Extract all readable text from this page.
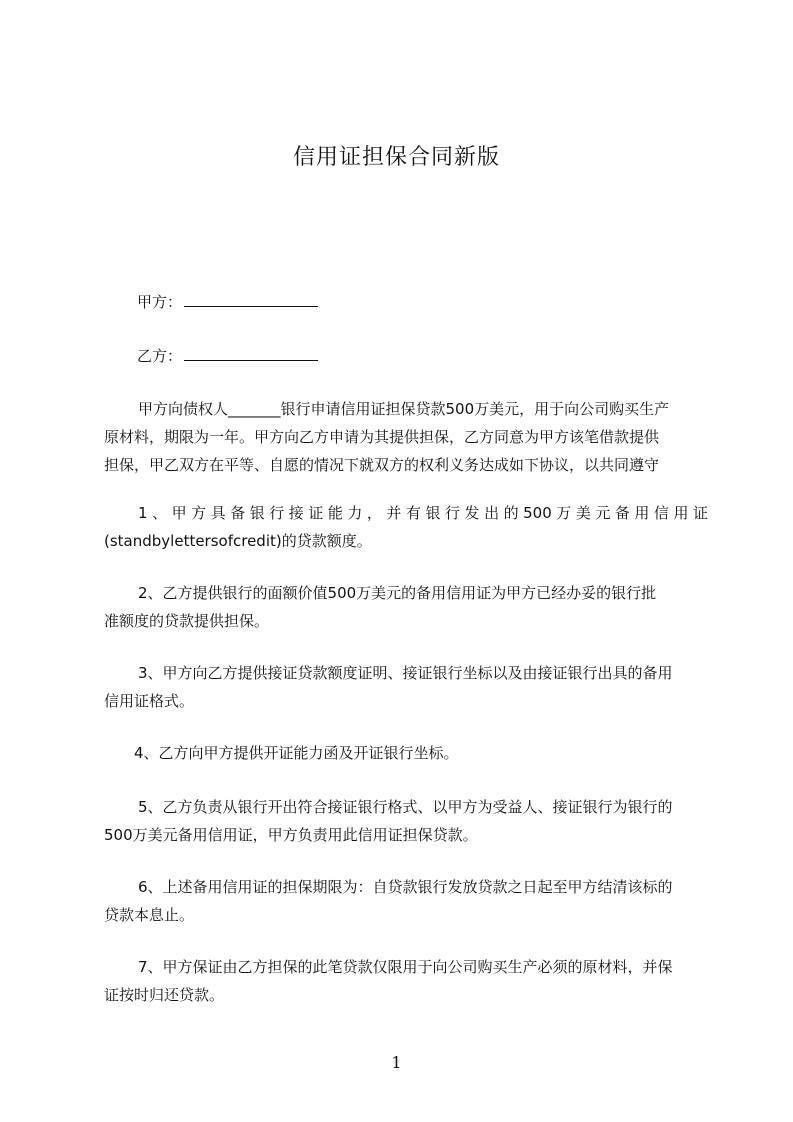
信用证担保合同新版
甲方：
乙方：
甲方向债权人_______银行申请信用证担保贷款500万美元，用于向公司购买生产
原材料，期限为一年。甲方向乙方申请为其提供担保，乙方同意为甲方该笔借款提供
担保，甲乙双方在平等、自愿的情况下就双方的权利义务达成如下协议，以共同遵守
1、甲方具备银行接证能力，并有银行发出的500万美元备用信用证
(standbylettersofcredit)的贷款额度。
2、乙方提供银行的面额价值500万美元的备用信用证为甲方已经办妥的银行批
准额度的贷款提供担保。
3、甲方向乙方提供接证贷款额度证明、接证银行坐标以及由接证银行出具的备用
信用证格式。
4、乙方向甲方提供开证能力函及开证银行坐标。
5、乙方负责从银行开出符合接证银行格式、以甲方为受益人、接证银行为银行的
500万美元备用信用证，甲方负责用此信用证担保贷款。
6、上述备用信用证的担保期限为：自贷款银行发放贷款之日起至甲方结清该标的
贷款本息止。
7、甲方保证由乙方担保的此笔贷款仅限用于向公司购买生产必须的原材料，并保
证按时归还贷款。
1
